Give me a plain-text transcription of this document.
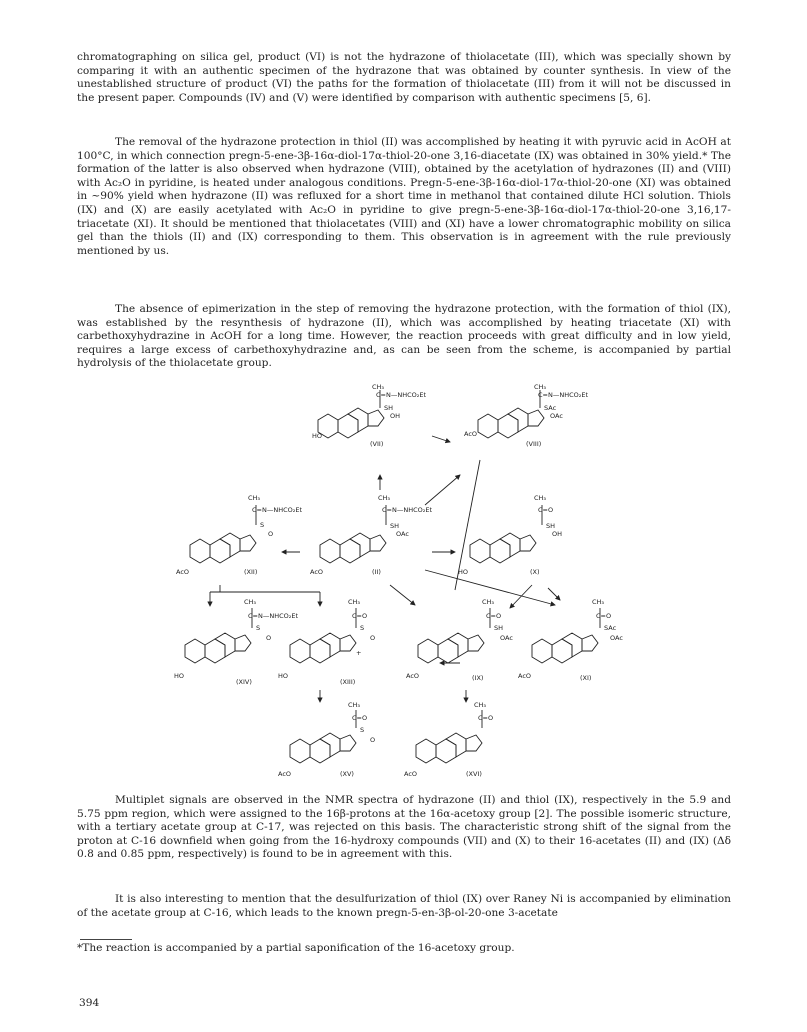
chromatographing on silica gel, product (VI) is not the hydrazone of thiolacetate (III), which was specially shown by comparing it with an authentic specimen of the hydrazone that was obtained by counter synthesis. In view of the unestablished structure of product (VI) the paths for the formation of thiolacetate (III) from it will not be discussed in the present paper. Compounds (IV) and (V) were identified by comparison with authentic specimens [5, 6].

The removal of the hydrazone protection in thiol (II) was accomplished by heating it with pyruvic acid in AcOH at 100°C, in which connection pregn-5-ene-3β-16α-diol-17α-thiol-20-one 3,16-diacetate (IX) was obtained in 30% yield.* The formation of the latter is also observed when hydrazone (VIII), obtained by the acetylation of hydrazones (II) and (VIII) with Ac₂O in pyridine, is heated under analogous conditions. Pregn-5-ene-3β-16α-diol-17α-thiol-20-one (XI) was obtained in ~90% yield when hydrazone (II) was refluxed for a short time in methanol that contained dilute HCl solution. Thiols (IX) and (X) are easily acetylated with Ac₂O in pyridine to give pregn-5-ene-3β-16α-diol-17α-thiol-20-one 3,16,17-triacetate (XI). It should be mentioned that thiolacetates (VIII) and (XI) have a lower chromatographic mobility on silica gel than the thiols (II) and (IX) corresponding to them. This observation is in agreement with the rule previously mentioned by us.

The absence of epimerization in the step of removing the hydrazone protection, with the formation of thiol (IX), was established by the resynthesis of hydrazone (II), which was accomplished by heating triacetate (XI) with carbethoxyhydrazine in AcOH for a long time. However, the reaction proceeds with great difficulty and in low yield, requires a large excess of carbethoxyhydrazine and, as can be seen from the scheme, is accompanied by partial hydrolysis of the thiolacetate group.

CH₃
C=N—NHCO₂Et
SH
OH
HO
(VII)
CH₃
C=N—NHCO₂Et
SAc
OAc
AcO
(VIII)
CH₃
C=N—NHCO₂Et
S
O
AcO	(XII)
CH₃
C=N—NHCO₂Et
SH
OAc
AcO	(II)
CH₃
C=O
SH
OH
HO	(X)
CH₃
C=N—NHCO₂Et
S
O
HO
(XIV)
+
CH₃
C=O
S
O
HO
(XIII)
CH₃
C=O
SH
OAc
AcO	(IX)
CH₃
C=O
SAc
OAc
AcO	(XI)
CH₃
C=O
S
O
AcO	(XV)
CH₃
C=O
AcO	(XVI)

Multiplet signals are observed in the NMR spectra of hydrazone (II) and thiol (IX), respectively in the 5.9 and 5.75 ppm region, which were assigned to the 16β-protons at the 16α-acetoxy group [2]. The possible isomeric structure, with a tertiary acetate group at C-17, was rejected on this basis. The characteristic strong shift of the signal from the proton at C-16 downfield when going from the 16-hydroxy compounds (VII) and (X) to their 16-acetates (II) and (IX) (Δδ 0.8 and 0.85 ppm, respectively) is found to be in agreement with this.

It is also interesting to mention that the desulfurization of thiol (IX) over Raney Ni is accompanied by elimination of the acetate group at C-16, which leads to the known pregn-5-en-3β-ol-20-one 3-acetate

*The reaction is accompanied by a partial saponification of the 16-acetoxy group.
394
